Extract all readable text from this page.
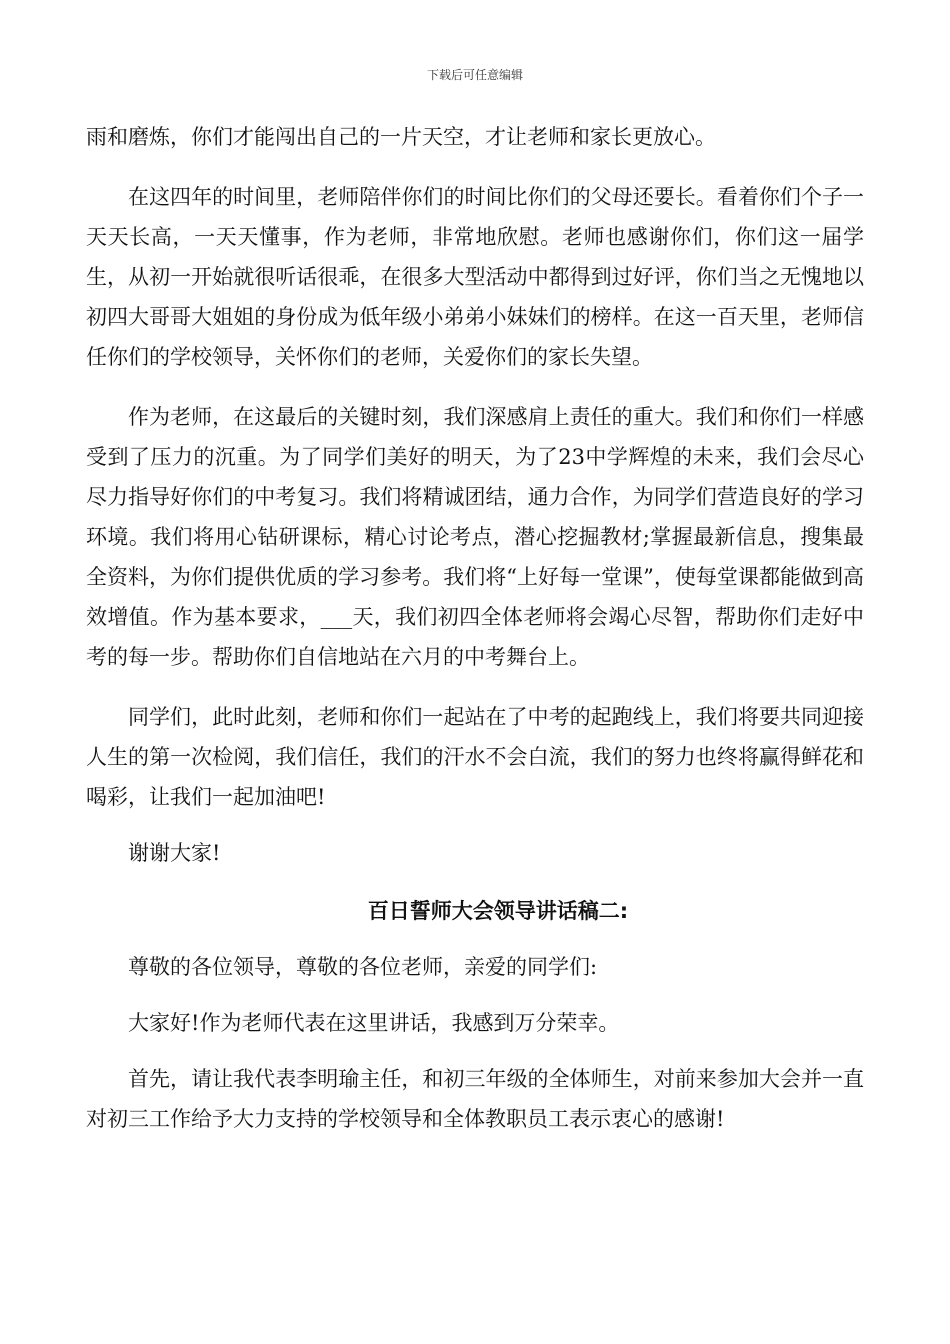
下载后可任意编辑

雨和磨炼，你们才能闯出自己的一片天空，才让老师和家长更放心。

在这四年的时间里，老师陪伴你们的时间比你们的父母还要长。看着你们个子一天天长高，一天天懂事，作为老师，非常地欣慰。老师也感谢你们，你们这一届学生，从初一开始就很听话很乖，在很多大型活动中都得到过好评，你们当之无愧地以初四大哥哥大姐姐的身份成为低年级小弟弟小妹妹们的榜样。在这一百天里，老师信任你们的学校领导，关怀你们的老师，关爱你们的家长失望。

作为老师，在这最后的关键时刻，我们深感肩上责任的重大。我们和你们一样感受到了压力的沉重。为了同学们美好的明天，为了23中学辉煌的未来，我们会尽心尽力指导好你们的中考复习。我们将精诚团结，通力合作，为同学们营造良好的学习环境。我们将用心钻研课标，精心讨论考点，潜心挖掘教材;掌握最新信息，搜集最全资料，为你们提供优质的学习参考。我们将“上好每一堂课”，使每堂课都能做到高效增值。作为基本要求，___天，我们初四全体老师将会竭心尽智，帮助你们走好中考的每一步。帮助你们自信地站在六月的中考舞台上。

同学们，此时此刻，老师和你们一起站在了中考的起跑线上，我们将要共同迎接人生的第一次检阅，我们信任，我们的汗水不会白流，我们的努力也终将赢得鲜花和喝彩，让我们一起加油吧!

谢谢大家!

百日誓师大会领导讲话稿二:

尊敬的各位领导，尊敬的各位老师，亲爱的同学们:

大家好!作为老师代表在这里讲话，我感到万分荣幸。

首先，请让我代表李明瑜主任，和初三年级的全体师生，对前来参加大会并一直对初三工作给予大力支持的学校领导和全体教职员工表示衷心的感谢!
